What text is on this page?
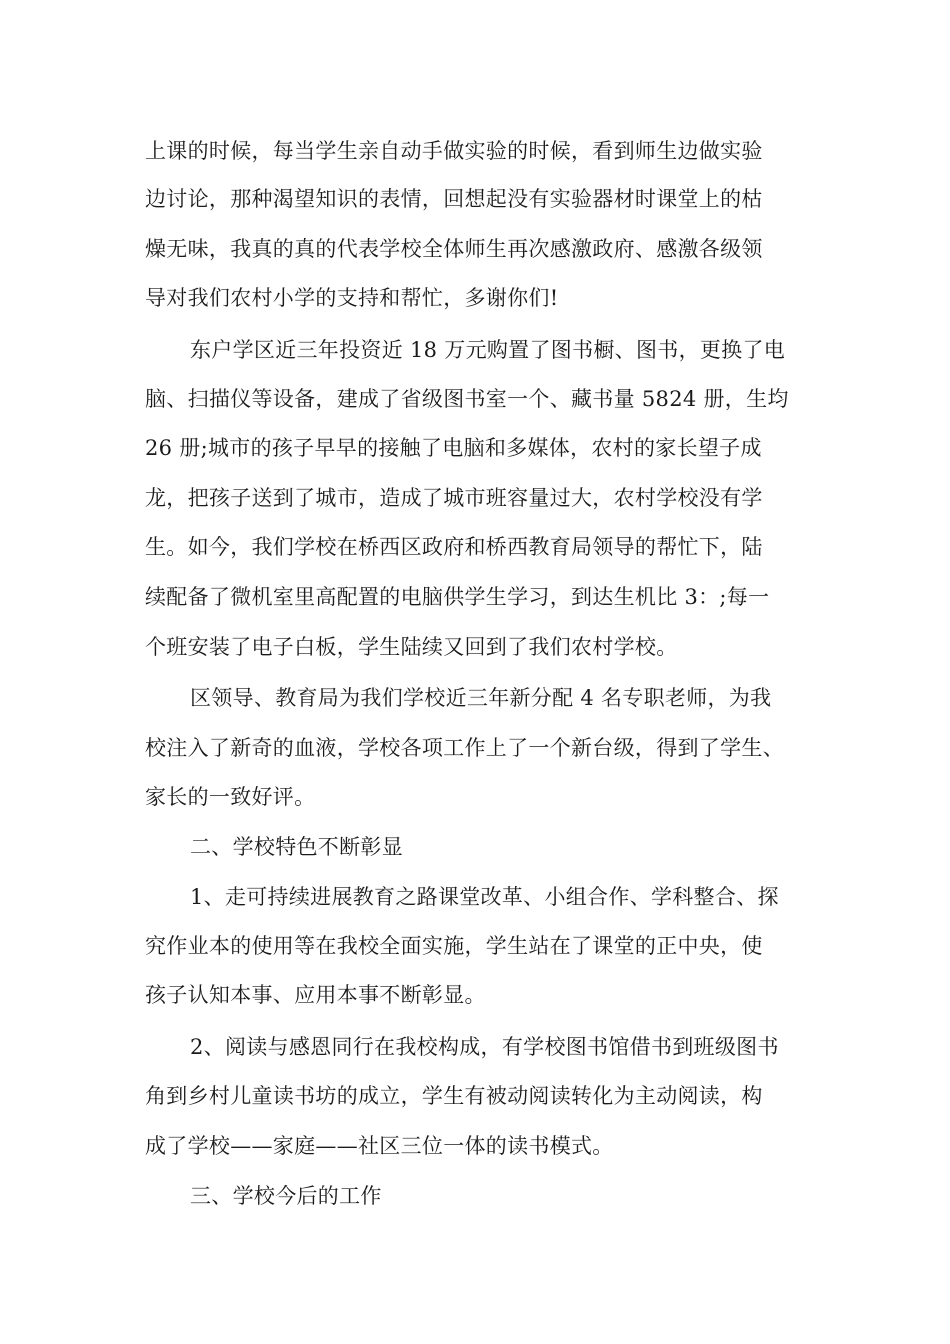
上课的时候，每当学生亲自动手做实验的时候，看到师生边做实验
边讨论，那种渴望知识的表情，回想起没有实验器材时课堂上的枯
燥无味，我真的真的代表学校全体师生再次感激政府、感激各级领
导对我们农村小学的支持和帮忙，多谢你们!
东户学区近三年投资近 18 万元购置了图书橱、图书，更换了电
脑、扫描仪等设备，建成了省级图书室一个、藏书量 5824 册，生均
26 册;城市的孩子早早的接触了电脑和多媒体，农村的家长望子成
龙，把孩子送到了城市，造成了城市班容量过大，农村学校没有学
生。如今，我们学校在桥西区政府和桥西教育局领导的帮忙下，陆
续配备了微机室里高配置的电脑供学生学习，到达生机比 3：;每一
个班安装了电子白板，学生陆续又回到了我们农村学校。
区领导、教育局为我们学校近三年新分配 4 名专职老师，为我
校注入了新奇的血液，学校各项工作上了一个新台级，得到了学生、
家长的一致好评。
二、学校特色不断彰显
1、走可持续进展教育之路课堂改革、小组合作、学科整合、探
究作业本的使用等在我校全面实施，学生站在了课堂的正中央，使
孩子认知本事、应用本事不断彰显。
2、阅读与感恩同行在我校构成，有学校图书馆借书到班级图书
角到乡村儿童读书坊的成立，学生有被动阅读转化为主动阅读，构
成了学校——家庭——社区三位一体的读书模式。
三、学校今后的工作
